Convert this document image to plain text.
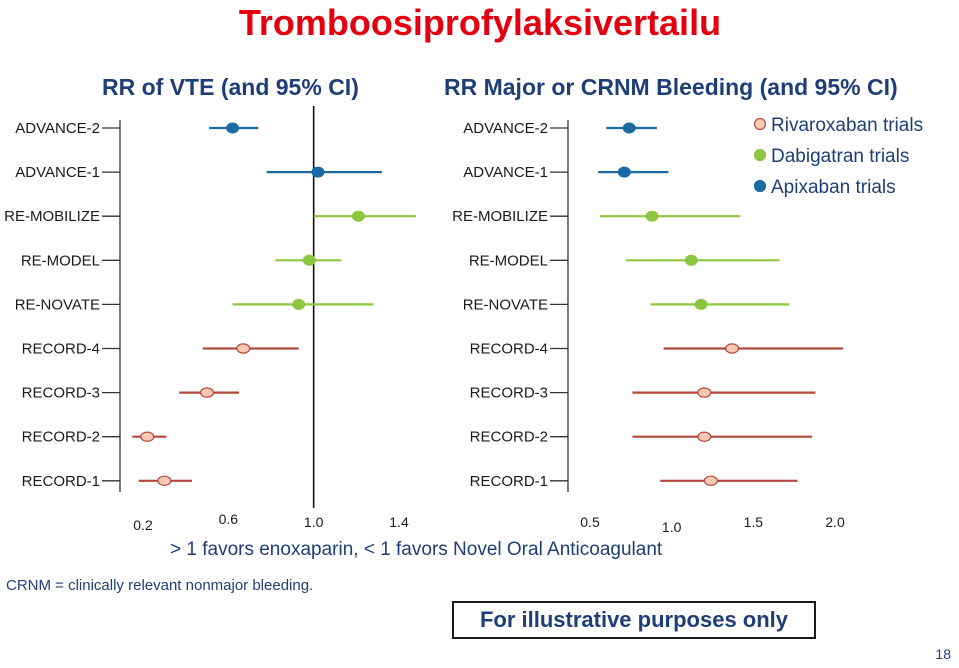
Tromboosiprofylaksivertailu
RR of VTE (and 95% CI)	RR Major or CRNM Bleeding (and 95% CI)
ADVANCE-2
ADVANCE-1
RE-MOBILIZE
RE-MODEL
RE-NOVATE
RECORD-4
RECORD-3
RECORD-2
RECORD-1
0.2	0.6	1.0	1.4
ADVANCE-2
ADVANCE-1
RE-MOBILIZE
RE-MODEL
RE-NOVATE
RECORD-4
RECORD-3
RECORD-2
RECORD-1
0.5	1.0	1.5	2.0
Rivaroxaban trials
Dabigatran trials
Apixaban trials
> 1 favors enoxaparin, < 1 favors Novel Oral Anticoagulant
CRNM = clinically relevant nonmajor bleeding.
For illustrative purposes only
18
